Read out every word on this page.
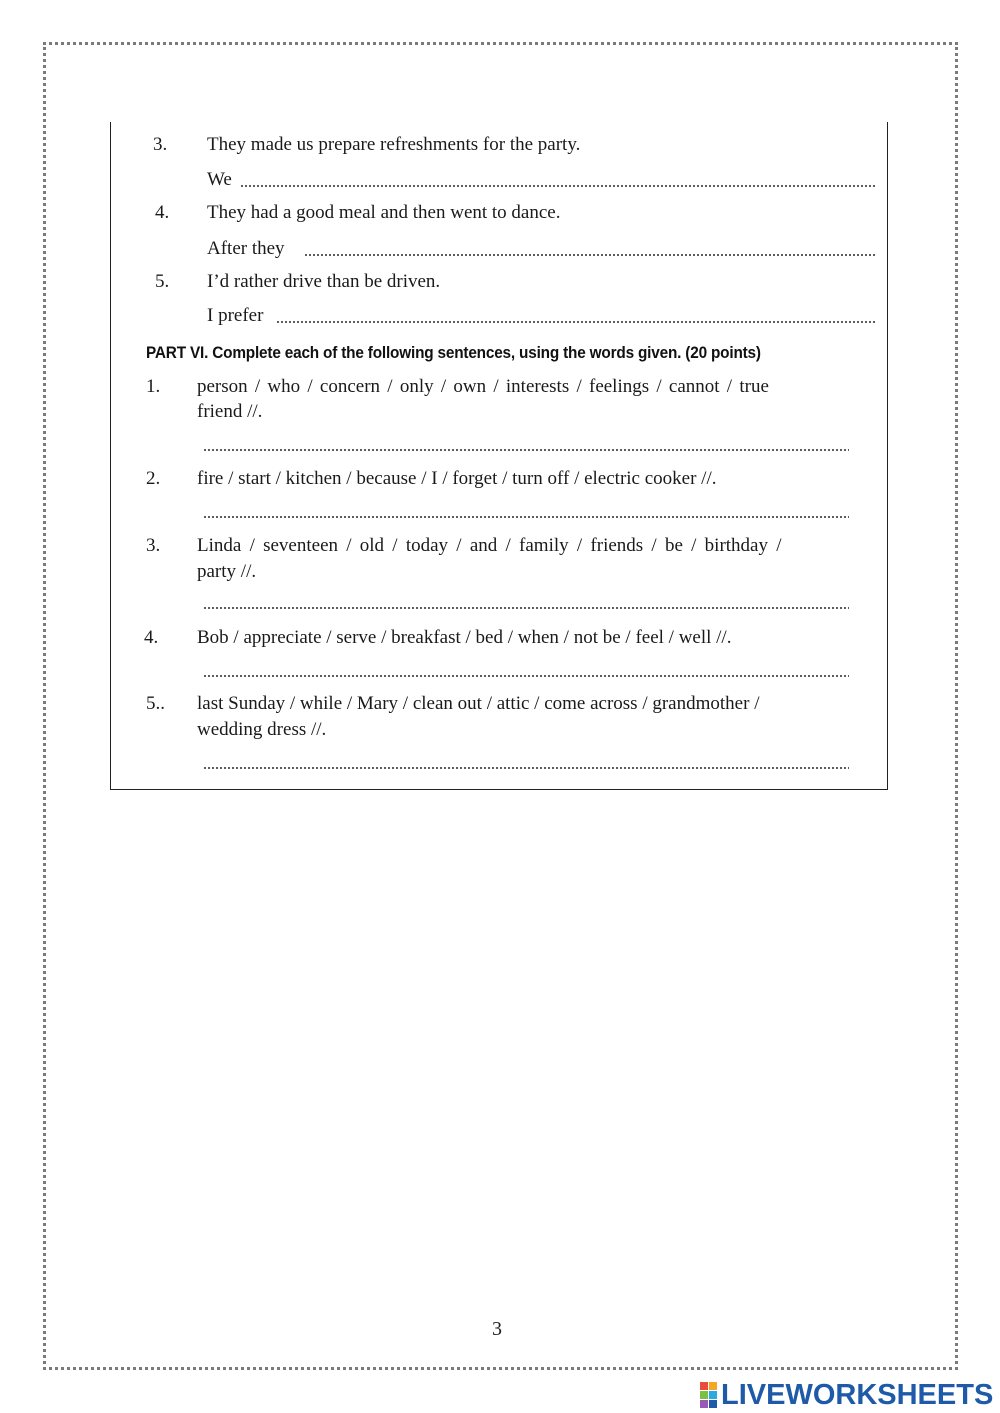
3. They made us prepare refreshments for the party.
We
4. They had a good meal and then went to dance.
After they
5. I’d rather drive than be driven.
I prefer
PART VI. Complete each of the following sentences, using the words given. (20 points)
1. person / who / concern / only / own / interests / feelings / cannot / true
friend //.
2. fire / start / kitchen / because / I / forget / turn off / electric cooker //.
3. Linda / seventeen / old / today / and / family / friends / be / birthday /
party //.
4. Bob / appreciate / serve / breakfast / bed / when / not be / feel / well //.
5.. last Sunday / while / Mary / clean out / attic / come across / grandmother /
wedding dress //.
3
LIVEWORKSHEETS
